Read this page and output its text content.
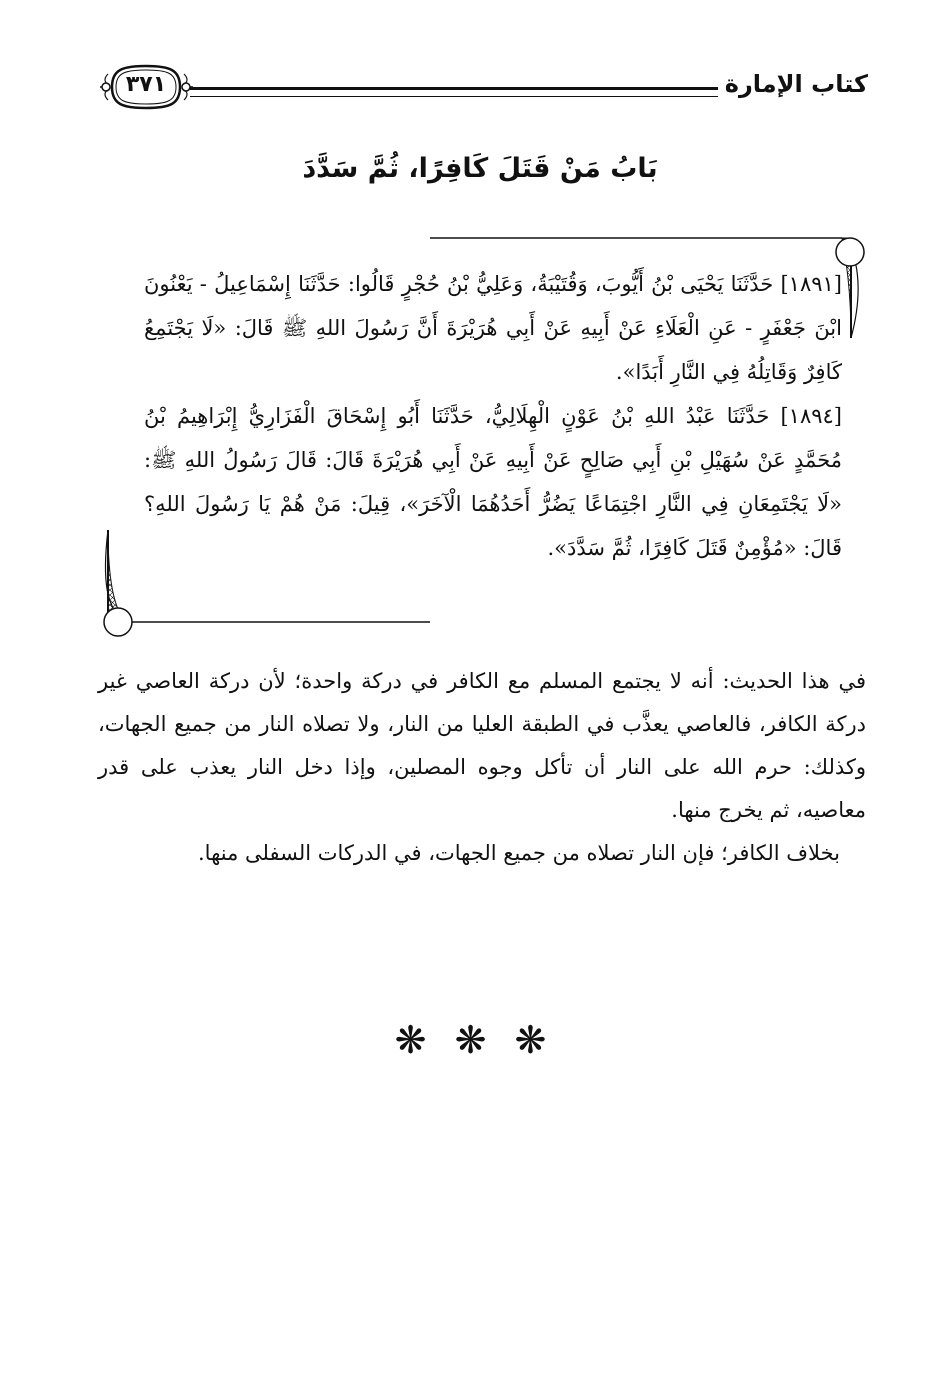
كتاب الإمارة
٣٧١
بَابُ مَنْ قَتَلَ كَافِرًا، ثُمَّ سَدَّدَ

[١٨٩١] حَدَّثَنَا يَحْيَى بْنُ أَيُّوبَ، وَقُتَيْبَةُ، وَعَلِيُّ بْنُ حُجْرٍ قَالُوا: حَدَّثَنَا إِسْمَاعِيلُ - يَعْنُونَ ابْنَ جَعْفَرٍ - عَنِ الْعَلَاءِ عَنْ أَبِيهِ عَنْ أَبِي هُرَيْرَةَ أَنَّ رَسُولَ اللهِ ﷺ قَالَ: «لَا يَجْتَمِعُ كَافِرٌ وَقَاتِلُهُ فِي النَّارِ أَبَدًا».

[١٨٩٤] حَدَّثَنَا عَبْدُ اللهِ بْنُ عَوْنٍ الْهِلَالِيُّ، حَدَّثَنَا أَبُو إِسْحَاقَ الْفَزَارِيُّ إِبْرَاهِيمُ بْنُ مُحَمَّدٍ عَنْ سُهَيْلِ بْنِ أَبِي صَالِحٍ عَنْ أَبِيهِ عَنْ أَبِي هُرَيْرَةَ قَالَ: قَالَ رَسُولُ اللهِ ﷺ: «لَا يَجْتَمِعَانِ فِي النَّارِ اجْتِمَاعًا يَضُرُّ أَحَدُهُمَا الْآخَرَ»، قِيلَ: مَنْ هُمْ يَا رَسُولَ اللهِ؟ قَالَ: «مُؤْمِنٌ قَتَلَ كَافِرًا، ثُمَّ سَدَّدَ».

في هذا الحديث: أنه لا يجتمع المسلم مع الكافر في دركة واحدة؛ لأن دركة العاصي غير دركة الكافر، فالعاصي يعذَّب في الطبقة العليا من النار، ولا تصلاه النار من جميع الجهات، وكذلك: حرم الله على النار أن تأكل وجوه المصلين، وإذا دخل النار يعذب على قدر معاصيه، ثم يخرج منها.

بخلاف الكافر؛ فإن النار تصلاه من جميع الجهات، في الدركات السفلى منها.

❋ ❋ ❋
